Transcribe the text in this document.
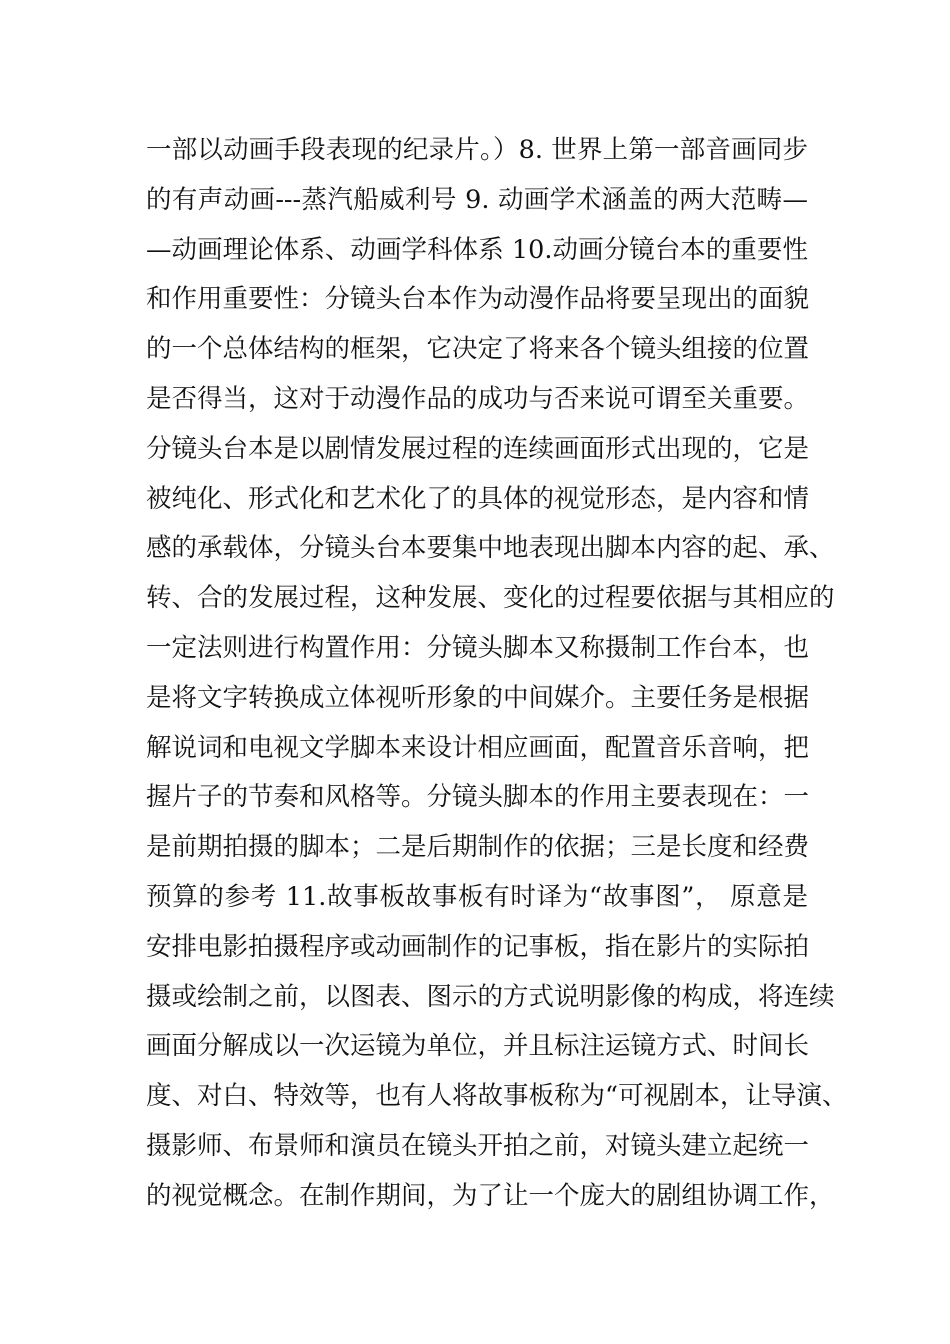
一部以动画手段表现的纪录片。）8. 世界上第一部音画同步
的有声动画---蒸汽船威利号 9. 动画学术涵盖的两大范畴—
—动画理论体系、动画学科体系 10.动画分镜台本的重要性
和作用重要性：分镜头台本作为动漫作品将要呈现出的面貌
的一个总体结构的框架，它决定了将来各个镜头组接的位置
是否得当，这对于动漫作品的成功与否来说可谓至关重要。
分镜头台本是以剧情发展过程的连续画面形式出现的，它是
被纯化、形式化和艺术化了的具体的视觉形态，是内容和情
感的承载体，分镜头台本要集中地表现出脚本内容的起、承、
转、合的发展过程，这种发展、变化的过程要依据与其相应的
一定法则进行构置作用：分镜头脚本又称摄制工作台本，也
是将文字转换成立体视听形象的中间媒介。主要任务是根据
解说词和电视文学脚本来设计相应画面，配置音乐音响，把
握片子的节奏和风格等。分镜头脚本的作用主要表现在：一
是前期拍摄的脚本；二是后期制作的依据；三是长度和经费
预算的参考 11.故事板故事板有时译为“故事图”， 原意是
安排电影拍摄程序或动画制作的记事板，指在影片的实际拍
摄或绘制之前，以图表、图示的方式说明影像的构成，将连续
画面分解成以一次运镜为单位，并且标注运镜方式、时间长
度、对白、特效等，也有人将故事板称为“可视剧本，让导演、
摄影师、布景师和演员在镜头开拍之前，对镜头建立起统一
的视觉概念。在制作期间，为了让一个庞大的剧组协调工作，
